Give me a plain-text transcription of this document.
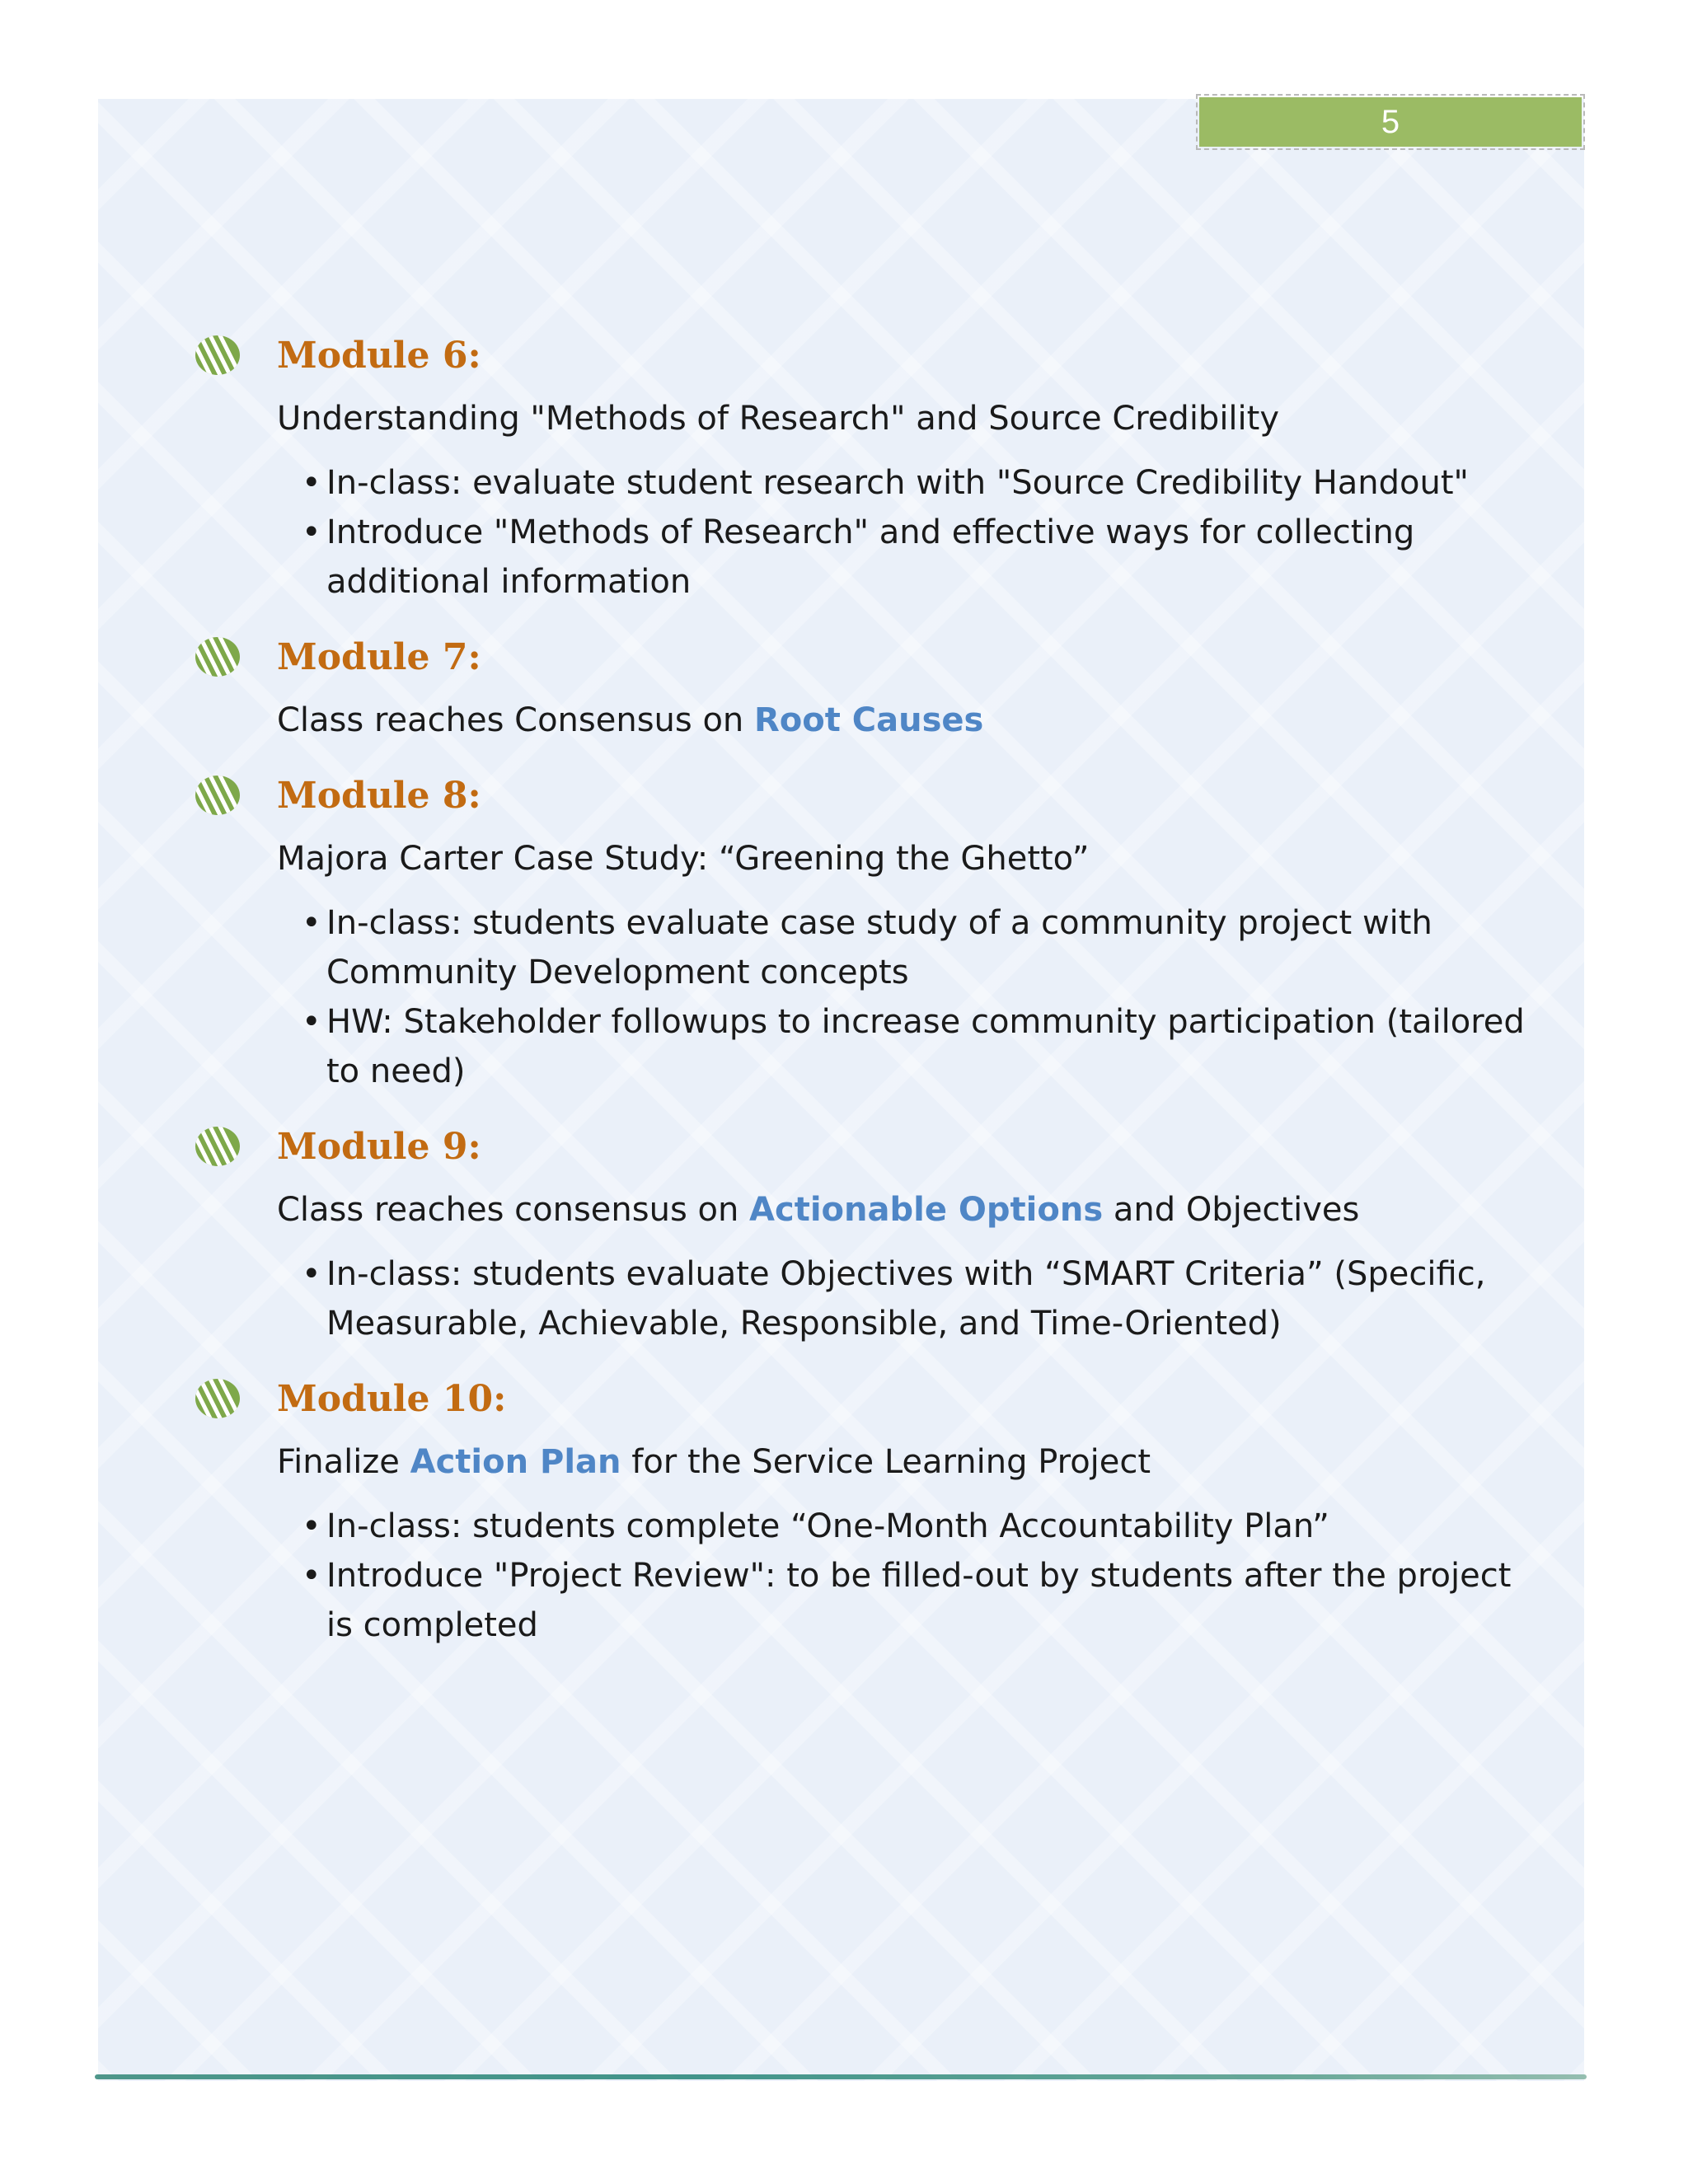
5
Module 6:
Understanding "Methods of Research" and Source Credibility
• In-class: evaluate student research with "Source Credibility Handout"
• Introduce "Methods of Research" and effective ways for collecting additional information
Module 7:
Class reaches Consensus on Root Causes
Module 8:
Majora Carter Case Study: “Greening the Ghetto”
• In-class: students evaluate case study of a community project with Community Development concepts
• HW: Stakeholder followups to increase community participation (tailored to need)
Module 9:
Class reaches consensus on Actionable Options and Objectives
• In-class: students evaluate Objectives with “SMART Criteria” (Specific, Measurable, Achievable, Responsible, and Time-Oriented)
Module 10:
Finalize Action Plan for the Service Learning Project
• In-class: students complete “One-Month Accountability Plan”
• Introduce "Project Review": to be filled-out by students after the project is completed
